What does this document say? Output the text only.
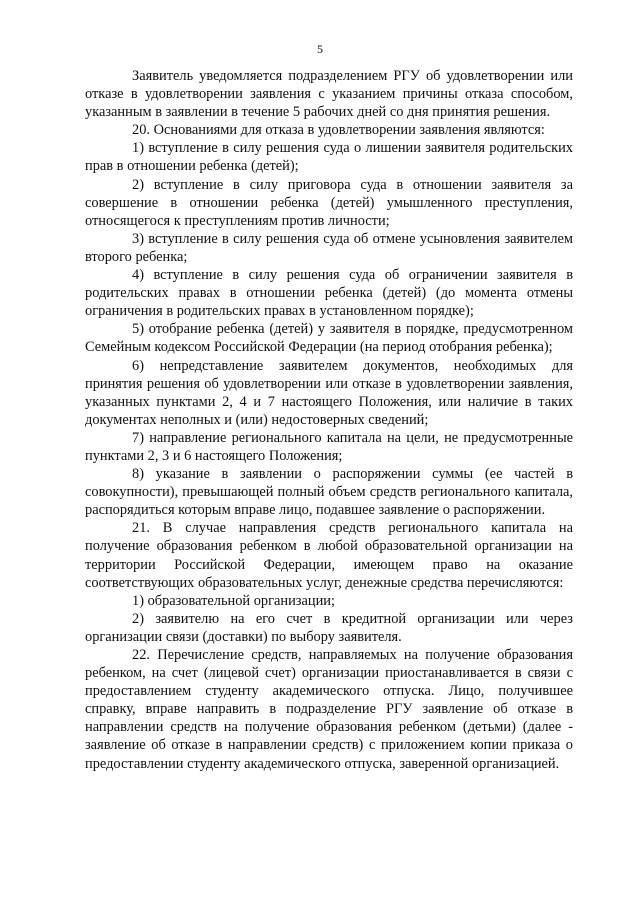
5

Заявитель уведомляется подразделением РГУ об удовлетворении или отказе в удовлетворении заявления с указанием причины отказа способом, указанным в заявлении в течение 5 рабочих дней со дня принятия решения.

20. Основаниями для отказа в удовлетворении заявления являются:

1) вступление в силу решения суда о лишении заявителя родительских прав в отношении ребенка (детей);

2) вступление в силу приговора суда в отношении заявителя за совершение в отношении ребенка (детей) умышленного преступления, относящегося к преступлениям против личности;

3) вступление в силу решения суда об отмене усыновления заявителем второго ребенка;

4) вступление в силу решения суда об ограничении заявителя в родительских правах в отношении ребенка (детей) (до момента отмены ограничения в родительских правах в установленном порядке);

5) отобрание ребенка (детей) у заявителя в порядке, предусмотренном Семейным кодексом Российской Федерации (на период отобрания ребенка);

6) непредставление заявителем документов, необходимых для принятия решения об удовлетворении или отказе в удовлетворении заявления, указанных пунктами 2, 4 и 7 настоящего Положения, или наличие в таких документах неполных и (или) недостоверных сведений;

7) направление регионального капитала на цели, не предусмотренные пунктами 2, 3 и 6 настоящего Положения;

8) указание в заявлении о распоряжении суммы (ее частей в совокупности), превышающей полный объем средств регионального капитала, распорядиться которым вправе лицо, подавшее заявление о распоряжении.

21. В случае направления средств регионального капитала на получение образования ребенком в любой образовательной организации на территории Российской Федерации, имеющем право на оказание соответствующих образовательных услуг, денежные средства перечисляются:

1) образовательной организации;

2) заявителю на его счет в кредитной организации или через организации связи (доставки) по выбору заявителя.

22. Перечисление средств, направляемых на получение образования ребенком, на счет (лицевой счет) организации приостанавливается в связи с предоставлением студенту академического отпуска. Лицо, получившее справку, вправе направить в подразделение РГУ заявление об отказе в направлении средств на получение образования ребенком (детьми) (далее - заявление об отказе в направлении средств) с приложением копии приказа о предоставлении студенту академического отпуска, заверенной организацией.
